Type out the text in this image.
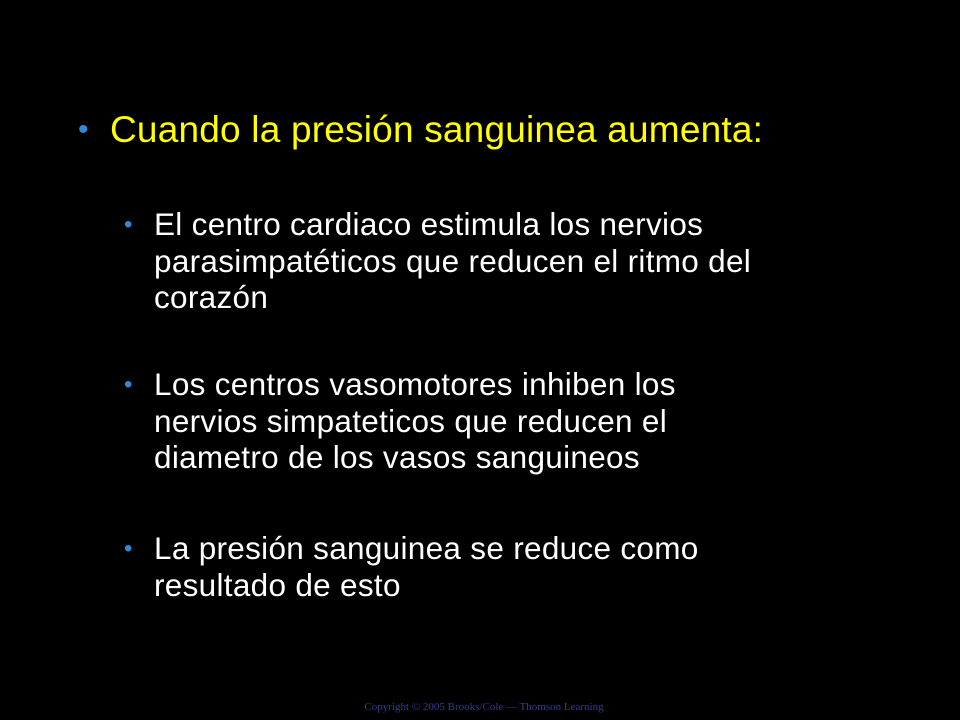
• Cuando la presión sanguinea aumenta:
• El centro cardiaco estimula los nervios
parasimpatéticos que reducen el ritmo del
corazón
• Los centros vasomotores inhiben los
nervios simpateticos que reducen el
diametro de los vasos sanguineos
• La presión sanguinea se reduce como
resultado de esto
Copyright © 2005 Brooks/Cole — Thomson Learning
